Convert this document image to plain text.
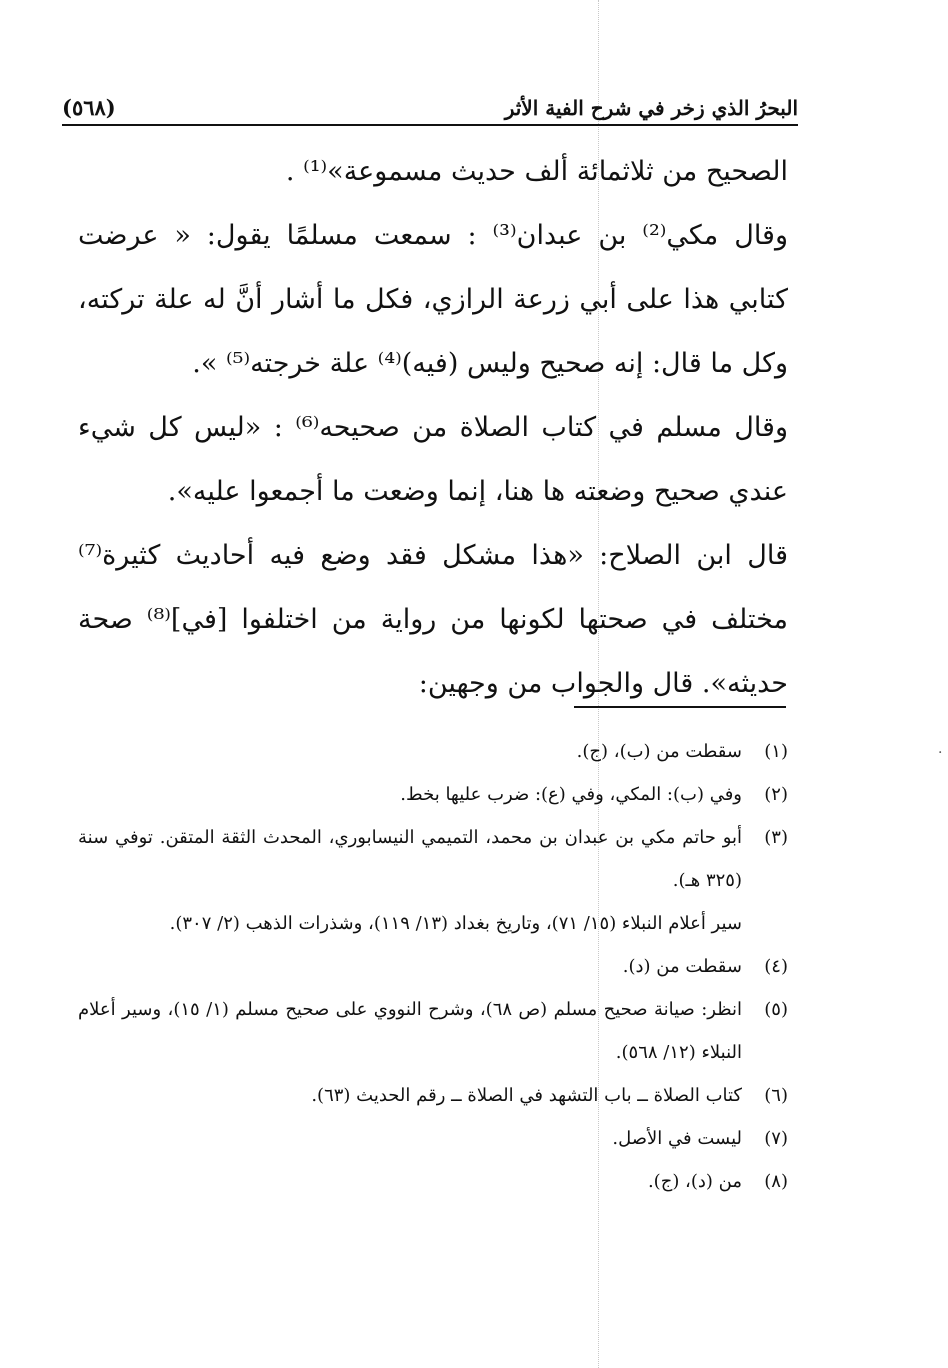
البحرُ الذي زخر في شرح الفية الأثر
(٥٦٨)

الصحيح من ثلاثمائة ألف حديث مسموعة»⁽¹⁾ .

وقال مكي⁽²⁾ بن عبدان⁽³⁾ : سمعت مسلمًا يقول: « عرضت كتابي هذا على أبي زرعة الرازي، فكل ما أشار أنَّ له علة تركته، وكل ما قال: إنه صحيح وليس (فيه)⁽⁴⁾ علة خرجته⁽⁵⁾ ».

وقال مسلم في كتاب الصلاة من صحيحه⁽⁶⁾ : «ليس كل شيء عندي صحيح وضعته ها هنا، إنما وضعت ما أجمعوا عليه».

قال ابن الصلاح: «هذا مشكل فقد وضع فيه أحاديث كثيرة⁽⁷⁾ مختلف في صحتها لكونها من رواية من اختلفوا [في]⁽⁸⁾ صحة حديثه». قال والجواب من وجهين:

(١)
سقطت من (ب)، (ج).
(٢)
وفي (ب): المكي، وفي (ع): ضرب عليها بخط.
(٣)
أبو حاتم مكي بن عبدان بن محمد، التميمي النيسابوري، المحدث الثقة المتقن. توفي سنة (٣٢٥ هـ).
سير أعلام النبلاء (١٥/ ٧١)، وتاريخ بغداد (١٣/ ١١٩)، وشذرات الذهب (٢/ ٣٠٧).
(٤)
سقطت من (د).
(٥)
انظر: صيانة صحيح مسلم (ص ٦٨)، وشرح النووي على صحيح مسلم (١/ ١٥)، وسير أعلام النبلاء (١٢/ ٥٦٨).
(٦)
كتاب الصلاة ــ باب التشهد في الصلاة ــ رقم الحديث (٦٣).
(٧)
ليست في الأصل.
(٨)
من (د)، (ج).
·
